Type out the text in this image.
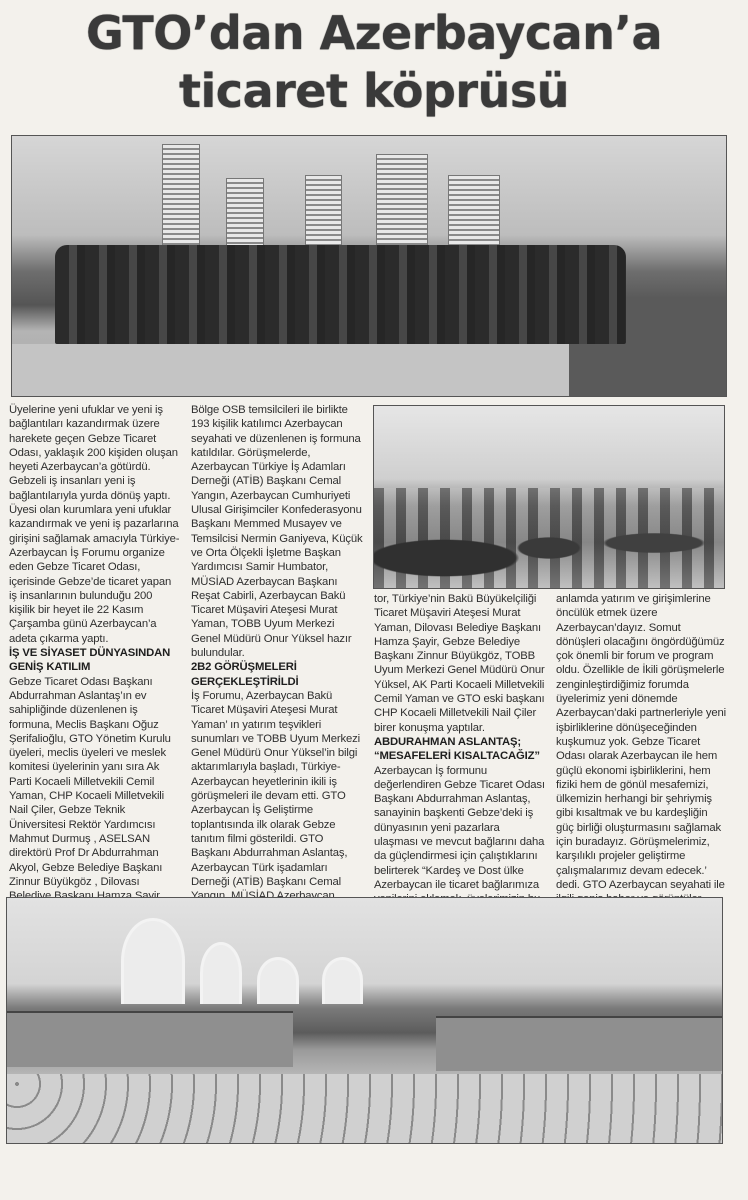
GTO’dan Azerbaycan’a
ticaret köprüsü

Üyelerine yeni ufuklar ve yeni iş bağlantıları kazandırmak üzere harekete geçen Gebze Ticaret Odası, yaklaşık 200 kişiden oluşan heyeti Azerbaycan’a götürdü. Gebzeli iş insanları yeni iş bağlantılarıyla yurda dönüş yaptı. Üyesi olan kurumlara yeni ufuklar kazandırmak ve yeni iş pazarlarına girişini sağlamak amacıyla Türkiye-Azerbaycan İş Forumu organize eden Gebze Ticaret Odası, içerisinde Gebze’de ticaret yapan iş insanlarının bulunduğu 200 kişilik bir heyet ile 22 Kasım Çarşamba günü Azerbaycan’a adeta çıkarma yaptı.

İŞ VE SİYASET DÜNYASINDAN GENİŞ KATILIM

Gebze Ticaret Odası Başkanı Abdurrahman Aslantaş’ın ev sahipliğinde düzenlenen iş formuna, Meclis Başkanı Oğuz Şerifalioğlu, GTO Yönetim Kurulu üyeleri, meclis üyeleri ve meslek komitesi üyelerinin yanı sıra Ak Parti Kocaeli Milletvekili Cemil Yaman, CHP Kocaeli Milletvekili Nail Çiler, Gebze Teknik Üniversitesi Rektör Yardımcısı Mahmut Durmuş , ASELSAN direktörü Prof Dr Abdurrahman Akyol, Gebze Belediye Başkanı Zinnur Büyükgöz , Dilovası

Bölge OSB temsilcileri ile birlikte 193 kişilik katılımcı Azerbaycan seyahati ve düzenlenen iş formuna katıldılar. Görüşmelerde, Azerbaycan Türkiye İş Adamları Derneği (ATİB) Başkanı Cemal Yangın, Azerbaycan Cumhuriyeti Ulusal Girişimciler Konfederasyonu Başkanı Memmed Musayev ve Temsilcisi Nermin Ganiyeva, Küçük ve Orta Ölçekli İşletme Başkan Yardımcısı Samir Humbator, MÜSİAD Azerbaycan Başkanı Reşat Cabirli, Azerbaycan Bakü Ticaret Müşaviri Ateşesi Murat Yaman, TOBB Uyum Merkezi Genel Müdürü Onur Yüksel hazır bulundular.

2B2 GÖRÜŞMELERİ GERÇEKLEŞTİRİLDİ

İş Forumu, Azerbaycan Bakü Ticaret Müşaviri Ateşesi Murat Yaman’ ın yatırım teşvikleri sunumları ve TOBB Uyum Merkezi Genel Müdürü Onur Yüksel’in bilgi aktarımlarıyla başladı, Türkiye-Azerbaycan heyetlerinin ikili iş görüşmeleri ile devam etti. GTO Azerbaycan İş Geliştirme toplantısında ilk olarak Gebze tanıtım filmi gösterildi. GTO Başkanı Abdurrahman Aslantaş, Azerbaycan Türk işadamları Derneği (ATİB) Başkanı Cemal

tor, Türkiye’nin Bakü Büyükelçiliği Ticaret Müşaviri Ateşesi Murat Yaman, Dilovası Belediye Başkanı Hamza Şayir, Gebze Belediye Başkanı Zinnur Büyükgöz, TOBB Uyum Merkezi Genel Müdürü Onur Yüksel, AK Parti Kocaeli Milletvekili Cemil Yaman ve GTO eski başkanı CHP Kocaeli Milletvekili Nail Çiler birer konuşma yaptılar.

ABDURAHMAN ASLANTAŞ; “MESAFELERİ KISALTACAĞIZ”

Azerbaycan İş formunu değerlendiren Gebze Ticaret Odası Başkanı Abdurrahman Aslantaş, sanayinin başkenti Gebze’deki iş dünyasının yeni pazarlara ulaşması ve mevcut bağlarını daha da güçlendirmesi için çalıştıklarını belirterek “Kardeş ve Dost ülke Azerbaycan ile ticaret bağlarımıza

anlamda yatırım ve girişimlerine öncülük etmek üzere Azerbaycan’dayız. Somut dönüşleri olacağını öngördüğümüz çok önemli bir forum ve program oldu. Özellikle de İkili görüşmelerle zenginleştirdiğimiz forumda üyelerimiz yeni dönemde Azerbaycan’daki partnerleriyle yeni işbirliklerine dönüşeceğinden kuşkumuz yok. Gebze Ticaret Odası olarak Azerbaycan ile hem güçlü ekonomi işbirliklerini, hem fiziki hem de gönül mesafemizi, ülkemizin herhangi bir şehriymiş gibi kısaltmak ve bu kardeşliğin güç birliği oluşturmasını sağlamak için buradayız. Görüşmelerimiz, karşılıklı projeler geliştirme çalışmalarımız devam edecek.’ dedi. GTO Azerbaycan seyahati ile
